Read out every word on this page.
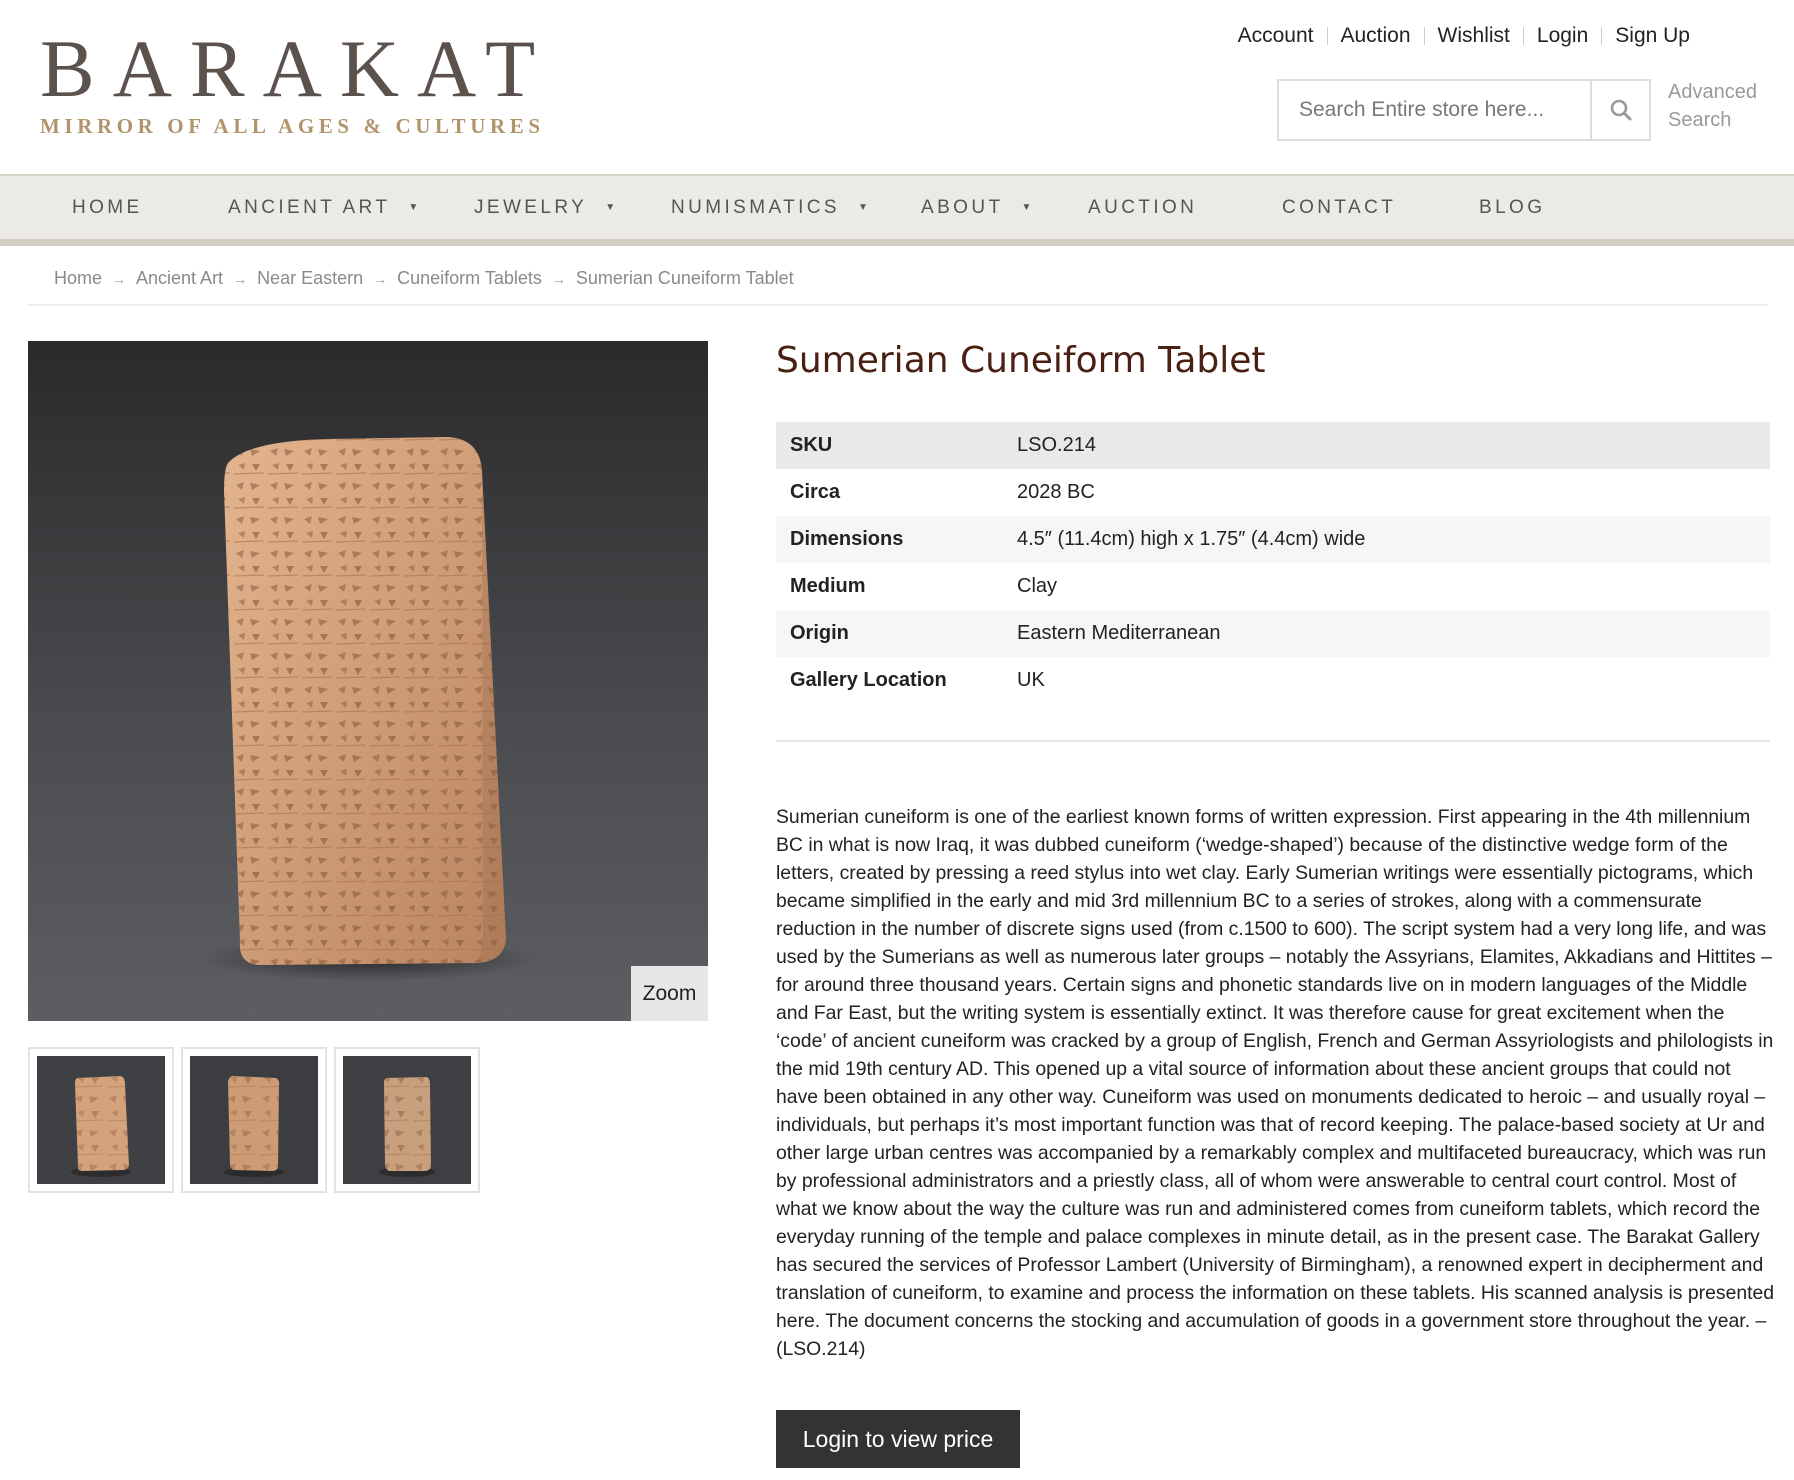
BARAKAT
MIRROR OF ALL AGES & CULTURES
Account Auction Wishlist Login Sign Up
Search Entire store here...
Advanced Search
HOME	ANCIENT ART ▼	JEWELRY ▼	NUMISMATICS ▼	ABOUT ▼	AUCTION	CONTACT	BLOG
Home → Ancient Art → Near Eastern → Cuneiform Tablets → Sumerian Cuneiform Tablet
Zoom
Sumerian Cuneiform Tablet
SKU	LSO.214
Circa	2028 BC
Dimensions	4.5″ (11.4cm) high x 1.75″ (4.4cm) wide
Medium	Clay
Origin	Eastern Mediterranean
Gallery Location	UK
Sumerian cuneiform is one of the earliest known forms of written expression. First appearing in the 4th millennium BC in what is now Iraq, it was dubbed cuneiform (‘wedge-shaped’) because of the distinctive wedge form of the letters, created by pressing a reed stylus into wet clay. Early Sumerian writings were essentially pictograms, which became simplified in the early and mid 3rd millennium BC to a series of strokes, along with a commensurate reduction in the number of discrete signs used (from c.1500 to 600). The script system had a very long life, and was used by the Sumerians as well as numerous later groups – notably the Assyrians, Elamites, Akkadians and Hittites – for around three thousand years. Certain signs and phonetic standards live on in modern languages of the Middle and Far East, but the writing system is essentially extinct. It was therefore cause for great excitement when the ‘code’ of ancient cuneiform was cracked by a group of English, French and German Assyriologists and philologists in the mid 19th century AD. This opened up a vital source of information about these ancient groups that could not have been obtained in any other way. Cuneiform was used on monuments dedicated to heroic – and usually royal – individuals, but perhaps it’s most important function was that of record keeping. The palace-based society at Ur and other large urban centres was accompanied by a remarkably complex and multifaceted bureaucracy, which was run by professional administrators and a priestly class, all of whom were answerable to central court control. Most of what we know about the way the culture was run and administered comes from cuneiform tablets, which record the everyday running of the temple and palace complexes in minute detail, as in the present case. The Barakat Gallery has secured the services of Professor Lambert (University of Birmingham), a renowned expert in decipherment and translation of cuneiform, to examine and process the information on these tablets. His scanned analysis is presented here. The document concerns the stocking and accumulation of goods in a government store throughout the year. – (LSO.214)
Login to view price
